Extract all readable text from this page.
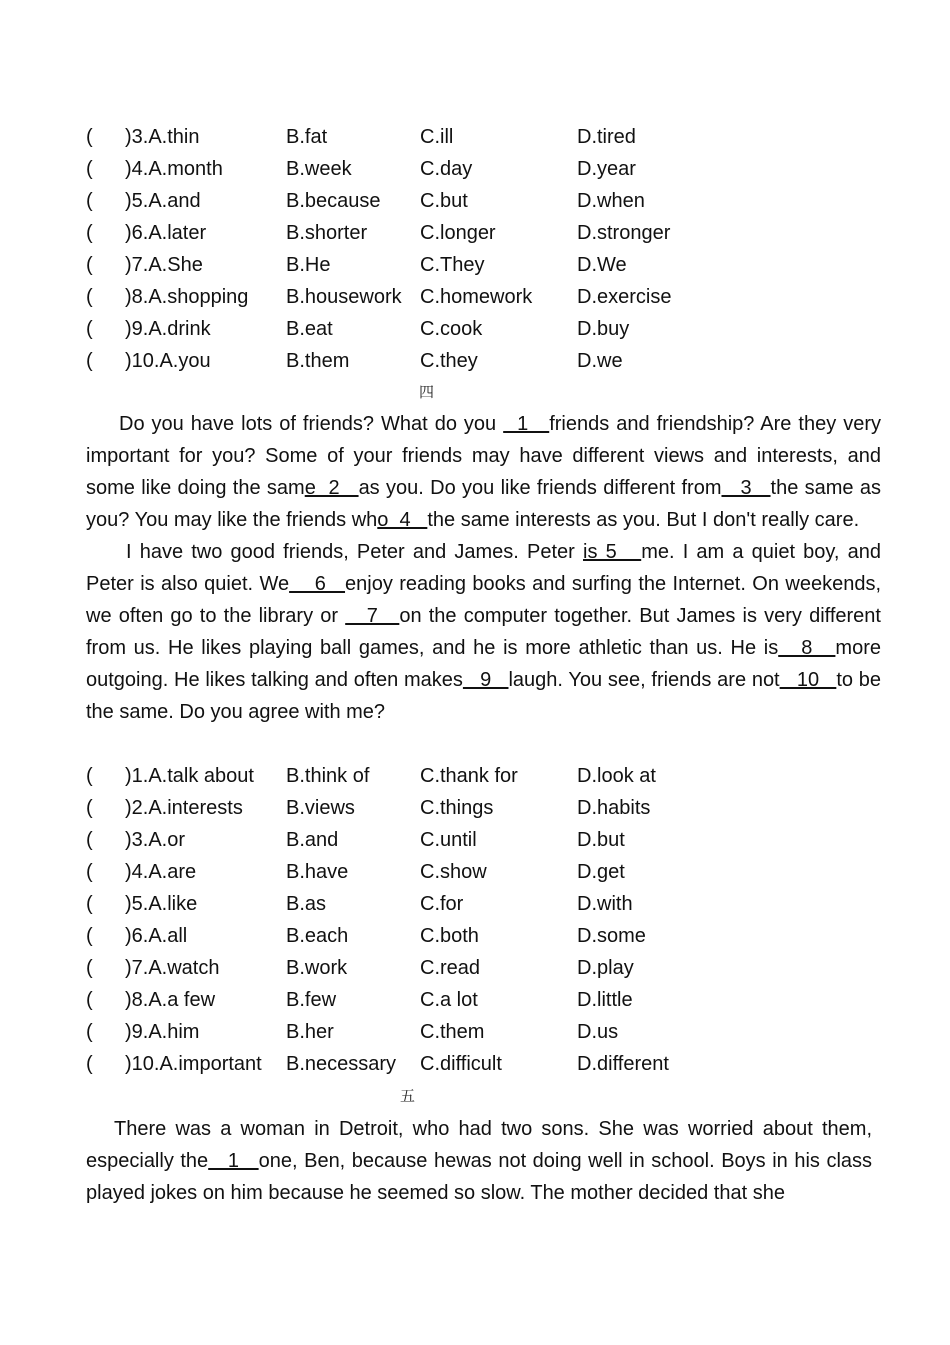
( )3.A.thin	B.fat	C.ill	D.tired
( )4.A.month	B.week	C.day	D.year
( )5.A.and	B.because C.but	D.when
( )6.A.later	B.shorter	C.longer	D.stronger
( )7.A.She	B.He	C.They	D.We
( )8.A.shopping B.housework C.homework D.exercise
( )9.A.drink	B.eat	C.cook	D.buy
( )10.A.you	B.them	C.they	D.we
四

Do you have lots of friends? What do you   1   friends and friendship? Are they very important for you? Some of your friends may have different views and interests, and some like doing the same  2   as you. Do you like friends different from   3   the same as you? You may like the friends who  4   the same interests as you. But I don't really care.

I have two good friends, Peter and James. Peter is 5   me. I am a quiet boy, and Peter is also quiet. We    6   enjoy reading books and surfing the Internet. On weekends, we often go to the library or    7   on the computer together. But James is very different from us. He likes playing ball games, and he is more athletic than us. He is   8   more outgoing. He likes talking and often makes   9   laugh. You see, friends are not   10   to be the same. Do you agree with me?

( )1.A.talk about B.think of	C.thank for	D.look at
( )2.A.interests B.views	C.things	D.habits
( )3.A.or	B.and	C.until	D.but
( )4.A.are	B.have	C.show	D.get
( )5.A.like	B.as	C.for	D.with
( )6.A.all	B.each	C.both	D.some
( )7.A.watch	B.work	C.read	D.play
( )8.A.a few	B.few	C.a lot	D.little
( )9.A.him	B.her	C.them	D.us
( )10.A.important B.necessary C.difficult	D.different
五

There was a woman in Detroit, who had two sons. She was worried about them, especially the   1   one, Ben, because hewas not doing well in school. Boys in his class played jokes on him because he seemed so slow. The mother decided that she
